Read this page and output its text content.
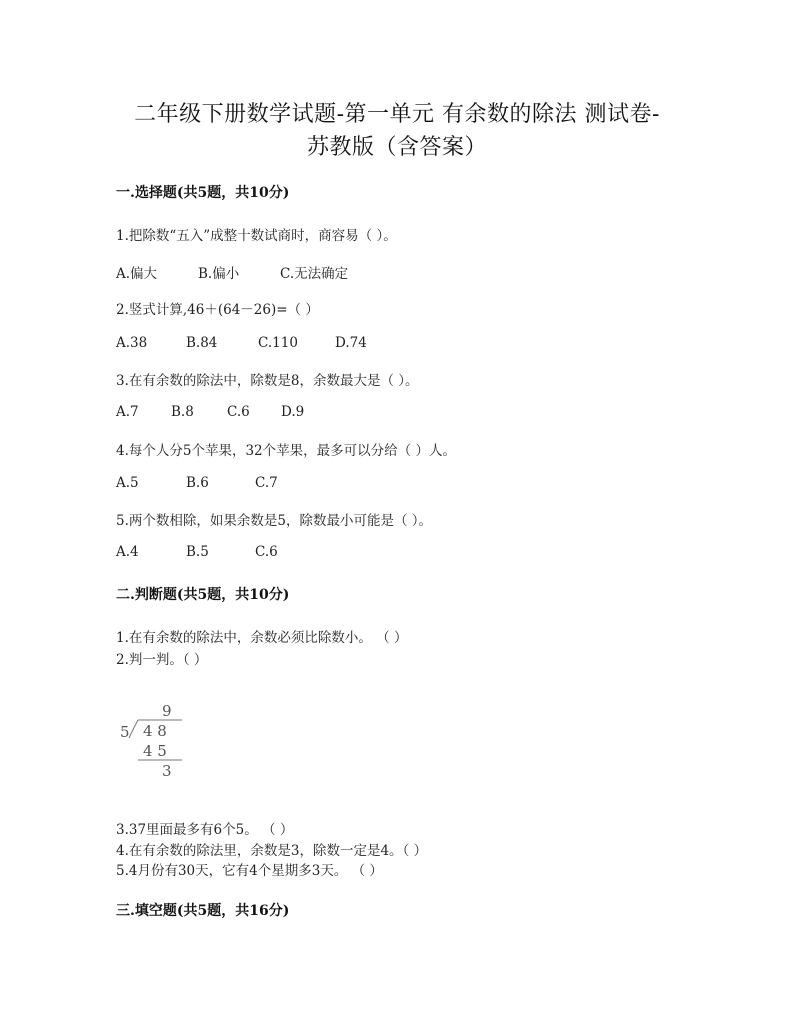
二年级下册数学试题-第一单元 有余数的除法 测试卷-
苏教版（含答案）
一.选择题(共5题，共10分)
1.把除数“五入”成整十数试商时，商容易（ ）。
A.偏大	B.偏小	C.无法确定
2.竖式计算,46＋(64－26)=（ ）
A.38	B.84	C.110	D.74
3.在有余数的除法中，除数是8，余数最大是（ ）。
A.7 B.8 C.6 D.9
4.每个人分5个苹果，32个苹果，最多可以分给（ ）人。
A.5	B.6	C.7
5.两个数相除，如果余数是5，除数最小可能是（ ）。
A.4	B.5	C.6
二.判断题(共5题，共10分)
1.在有余数的除法中，余数必须比除数小。 （ ）
2.判一判。（ ）
9
5 4 8
4 5
3
3.37里面最多有6个5。 （ ）
4.在有余数的除法里，余数是3，除数一定是4。（ ）
5.4月份有30天，它有4个星期多3天。 （ ）
三.填空题(共5题，共16分)
